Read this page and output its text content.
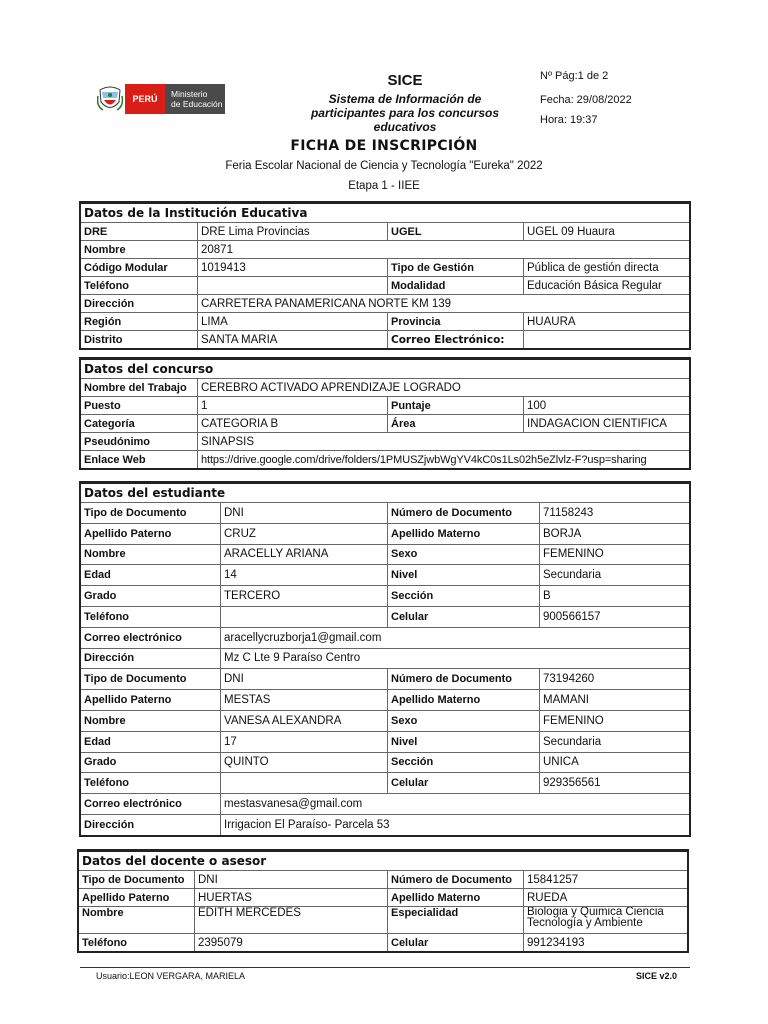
PERÚ	Ministerio
de Educación
SICE
Sistema de Información de
participantes para los concursos
educativos
Nº Pág:1 de 2
Fecha: 29/08/2022
Hora: 19:37
FICHA DE INSCRIPCIÓN
Feria Escolar Nacional de Ciencia y Tecnología "Eureka" 2022
Etapa 1 - IIEE
Datos de la Institución Educativa			
DRE	DRE Lima Provincias	UGEL	UGEL 09 Huaura
Nombre	20871		
Código Modular	1019413	Tipo de Gestión	Pública de gestión directa
Teléfono		Modalidad	Educación Básica Regular
Dirección	CARRETERA PANAMERICANA NORTE KM 139		
Región	LIMA	Provincia	HUAURA
Distrito	SANTA MARIA	Correo Electrónico:	
Datos del concurso			
Nombre del Trabajo	CEREBRO ACTIVADO APRENDIZAJE LOGRADO		
Puesto	1	Puntaje	100
Categoría	CATEGORIA B	Área	INDAGACION CIENTIFICA
Pseudónimo	SINAPSIS		
Enlace Web	https://drive.google.com/drive/folders/1PMUSZjwbWgYV4kC0s1Ls02h5eZlvlz-F?usp=sharing		
Datos del estudiante			
Tipo de Documento	DNI	Número de Documento	71158243
Apellido Paterno	CRUZ	Apellido Materno	BORJA
Nombre	ARACELLY ARIANA	Sexo	FEMENINO
Edad	14	Nivel	Secundaria
Grado	TERCERO	Sección	B
Teléfono		Celular	900566157
Correo electrónico	aracellycruzborja1@gmail.com		
Dirección	Mz C Lte 9 Paraíso Centro		
Tipo de Documento	DNI	Número de Documento	73194260
Apellido Paterno	MESTAS	Apellido Materno	MAMANI
Nombre	VANESA ALEXANDRA	Sexo	FEMENINO
Edad	17	Nivel	Secundaria
Grado	QUINTO	Sección	UNICA
Teléfono		Celular	929356561
Correo electrónico	mestasvanesa@gmail.com		
Dirección	Irrigacion El Paraíso- Parcela 53		
Datos del docente o asesor			
Tipo de Documento	DNI	Número de Documento	15841257
Apellido Paterno	HUERTAS	Apellido Materno	RUEDA
Nombre	EDITH MERCEDES	Especialidad	Biologia y Quimica Ciencia
Tecnología y Ambiente

Teléfono	2395079	Celular	991234193
Usuario:LEON VERGARA, MARIELA	SICE v2.0
